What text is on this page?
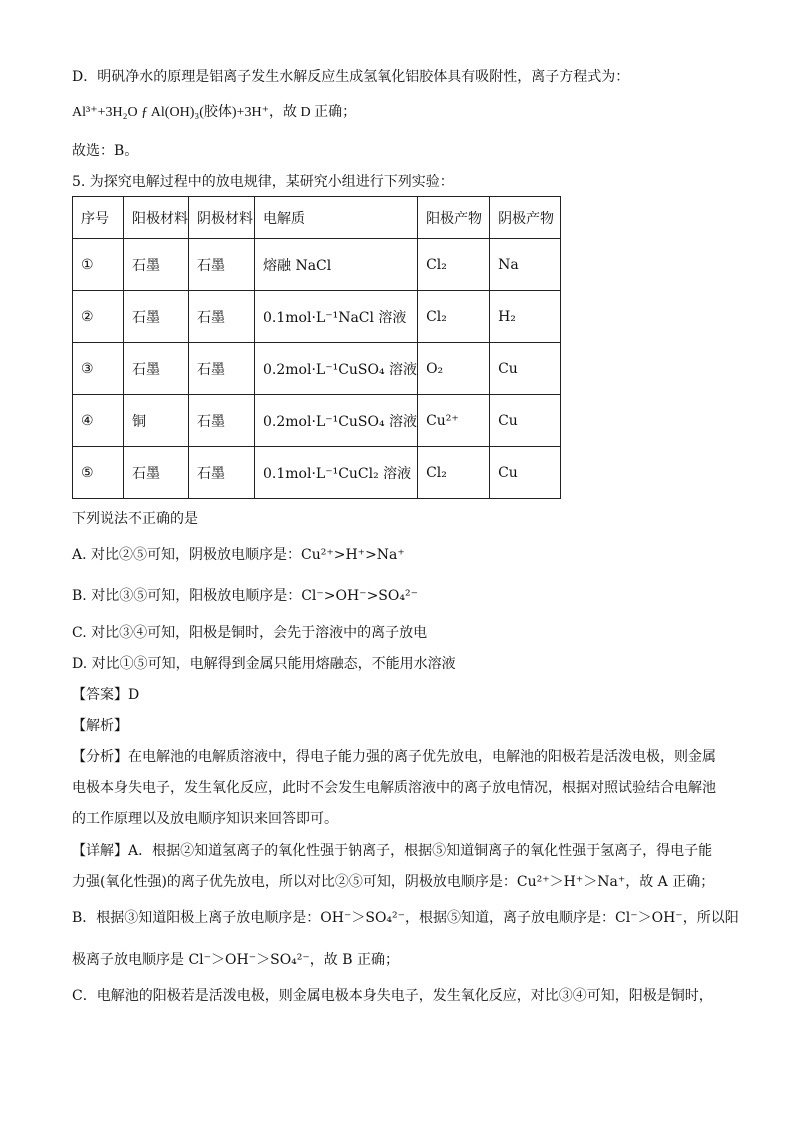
D．明矾净水的原理是铝离子发生水解反应生成氢氧化铝胶体具有吸附性，离子方程式为：
Al³⁺+3H₂O ƒ Al(OH)₃(胶体)+3H⁺，故 D 正确；
故选：B。
5. 为探究电解过程中的放电规律，某研究小组进行下列实验：
序号	阳极材料	阴极材料	电解质	阳极产物	阴极产物
①	石墨	石墨	熔融 NaCl	Cl₂	Na
②	石墨	石墨	0.1mol·L⁻¹NaCl 溶液	Cl₂	H₂
③	石墨	石墨	0.2mol·L⁻¹CuSO₄ 溶液	O₂	Cu
④	铜	石墨	0.2mol·L⁻¹CuSO₄ 溶液	Cu²⁺	Cu
⑤	石墨	石墨	0.1mol·L⁻¹CuCl₂ 溶液	Cl₂	Cu
下列说法不正确的是
A. 对比②⑤可知，阴极放电顺序是：Cu²⁺>H⁺>Na⁺
B. 对比③⑤可知，阳极放电顺序是：Cl⁻>OH⁻>SO₄²⁻
C. 对比③④可知，阳极是铜时，会先于溶液中的离子放电
D. 对比①⑤可知，电解得到金属只能用熔融态，不能用水溶液
【答案】D
【解析】
【分析】在电解池的电解质溶液中，得电子能力强的离子优先放电，电解池的阳极若是活泼电极，则金属
电极本身失电子，发生氧化反应，此时不会发生电解质溶液中的离子放电情况，根据对照试验结合电解池
的工作原理以及放电顺序知识来回答即可。
【详解】A．根据②知道氢离子的氧化性强于钠离子，根据⑤知道铜离子的氧化性强于氢离子，得电子能
力强(氧化性强)的离子优先放电，所以对比②⑤可知，阴极放电顺序是：Cu²⁺＞H⁺＞Na⁺，故 A 正确；
B．根据③知道阳极上离子放电顺序是：OH⁻＞SO₄²⁻，根据⑤知道，离子放电顺序是：Cl⁻＞OH⁻，所以阳
极离子放电顺序是 Cl⁻＞OH⁻＞SO₄²⁻，故 B 正确；
C．电解池的阳极若是活泼电极，则金属电极本身失电子，发生氧化反应，对比③④可知，阳极是铜时，
